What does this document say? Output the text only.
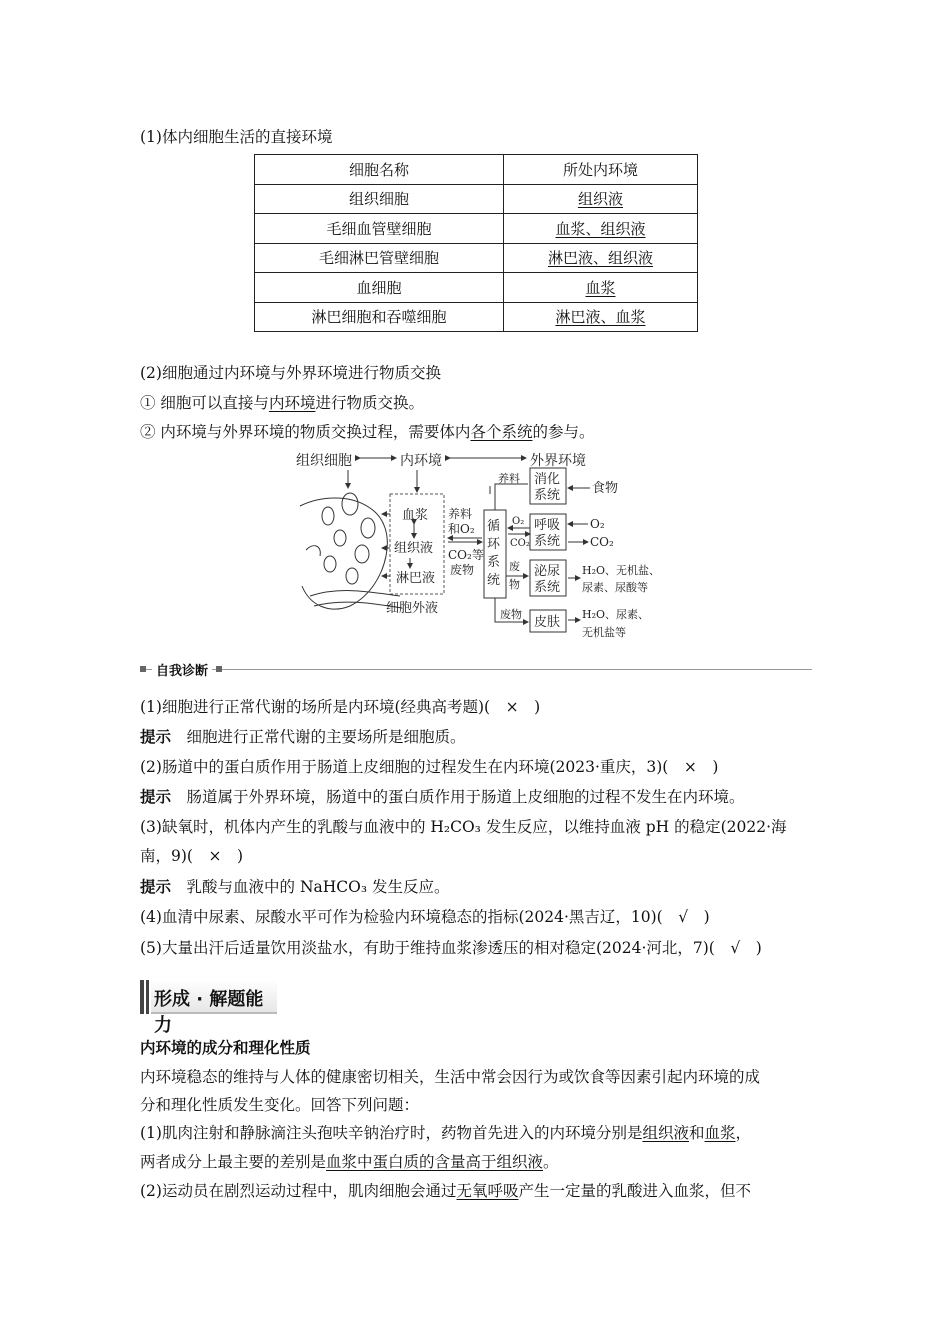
(1)体内细胞生活的直接环境
细胞名称	所处内环境
组织细胞	组织液
毛细血管壁细胞	血浆、组织液
毛细淋巴管壁细胞	淋巴液、组织液
血细胞	血浆
淋巴细胞和吞噬细胞	淋巴液、血浆
(2)细胞通过内环境与外界环境进行物质交换
① 细胞可以直接与内环境进行物质交换。
② 内环境与外界环境的物质交换过程，需要体内各个系统的参与。
组织细胞	内环境	外界环境
血浆
组织液
淋巴液
细胞外液
养料
和O₂
CO₂等
废物
循
环
系
统
养料 消化
系统 食物
O₂
CO₂
呼吸
系统
O₂
CO₂
废
物
泌尿
系统
H₂O、无机盐、
尿素、尿酸等
废物
皮肤
H₂O、尿素、
无机盐等
自我诊断
(1)细胞进行正常代谢的场所是内环境(经典高考题)(　×　)
提示　细胞进行正常代谢的主要场所是细胞质。
(2)肠道中的蛋白质作用于肠道上皮细胞的过程发生在内环境(2023·重庆，3)(　×　)
提示　肠道属于外界环境，肠道中的蛋白质作用于肠道上皮细胞的过程不发生在内环境。
(3)缺氧时，机体内产生的乳酸与血液中的 H₂CO₃ 发生反应，以维持血液 pH 的稳定(2022·海
南，9)(　×　)
提示　乳酸与血液中的 NaHCO₃ 发生反应。
(4)血清中尿素、尿酸水平可作为检验内环境稳态的指标(2024·黑吉辽，10)(　√　)
(5)大量出汗后适量饮用淡盐水，有助于维持血浆渗透压的相对稳定(2024·河北，7)(　√　)
形成 · 解题能力
内环境的成分和理化性质
内环境稳态的维持与人体的健康密切相关，生活中常会因行为或饮食等因素引起内环境的成
分和理化性质发生变化。回答下列问题：
(1)肌肉注射和静脉滴注头孢呋辛钠治疗时，药物首先进入的内环境分别是组织液和血浆，
两者成分上最主要的差别是血浆中蛋白质的含量高于组织液。
(2)运动员在剧烈运动过程中，肌肉细胞会通过无氧呼吸产生一定量的乳酸进入血浆，但不
